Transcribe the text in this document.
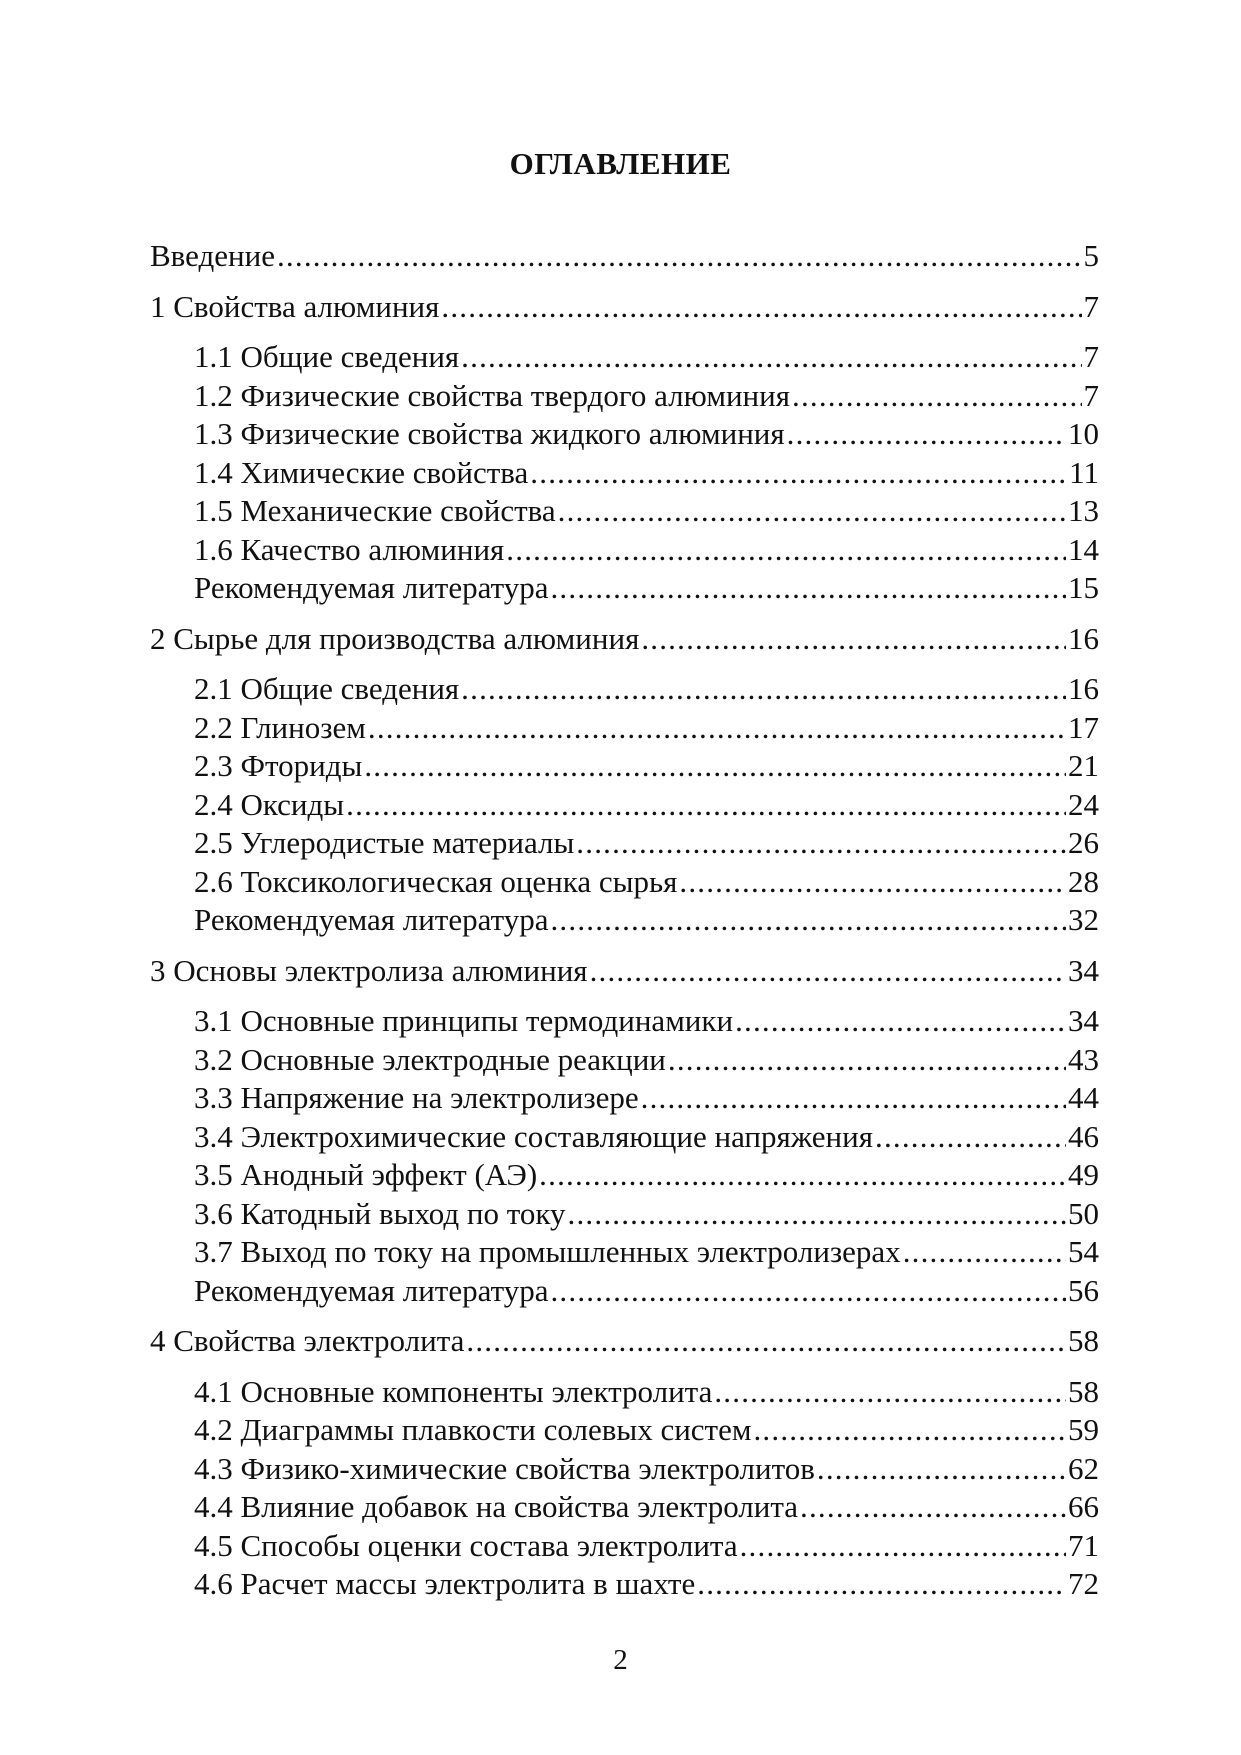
ОГЛАВЛЕНИЕ
Введение .....	5
1 Свойства алюминия .....	7
1.1 Общие сведения .....	7
1.2 Физические свойства твердого алюминия .....	7
1.3 Физические свойства жидкого алюминия .....	10
1.4 Химические свойства .....	11
1.5 Механические свойства .....	13
1.6 Качество алюминия .....	14
Рекомендуемая литература .....	15
2 Сырье для производства алюминия .....	16
2.1 Общие сведения .....	16
2.2 Глинозем .....	17
2.3 Фториды .....	21
2.4 Оксиды .....	24
2.5 Углеродистые материалы .....	26
2.6 Токсикологическая оценка сырья .....	28
Рекомендуемая литература .....	32
3 Основы электролиза алюминия .....	34
3.1 Основные принципы термодинамики .....	34
3.2 Основные электродные реакции .....	43
3.3 Напряжение на электролизере .....	44
3.4 Электрохимические составляющие напряжения .....	46
3.5 Анодный эффект (АЭ) .....	49
3.6 Катодный выход по току .....	50
3.7 Выход по току на промышленных электролизерах .....	54
Рекомендуемая литература .....	56
4 Свойства электролита .....	58
4.1 Основные компоненты электролита .....	58
4.2 Диаграммы плавкости солевых систем .....	59
4.3 Физико-химические свойства электролитов .....	62
4.4 Влияние добавок на свойства электролита .....	66
4.5 Способы оценки состава электролита .....	71
4.6 Расчет массы электролита в шахте .....	72
2
